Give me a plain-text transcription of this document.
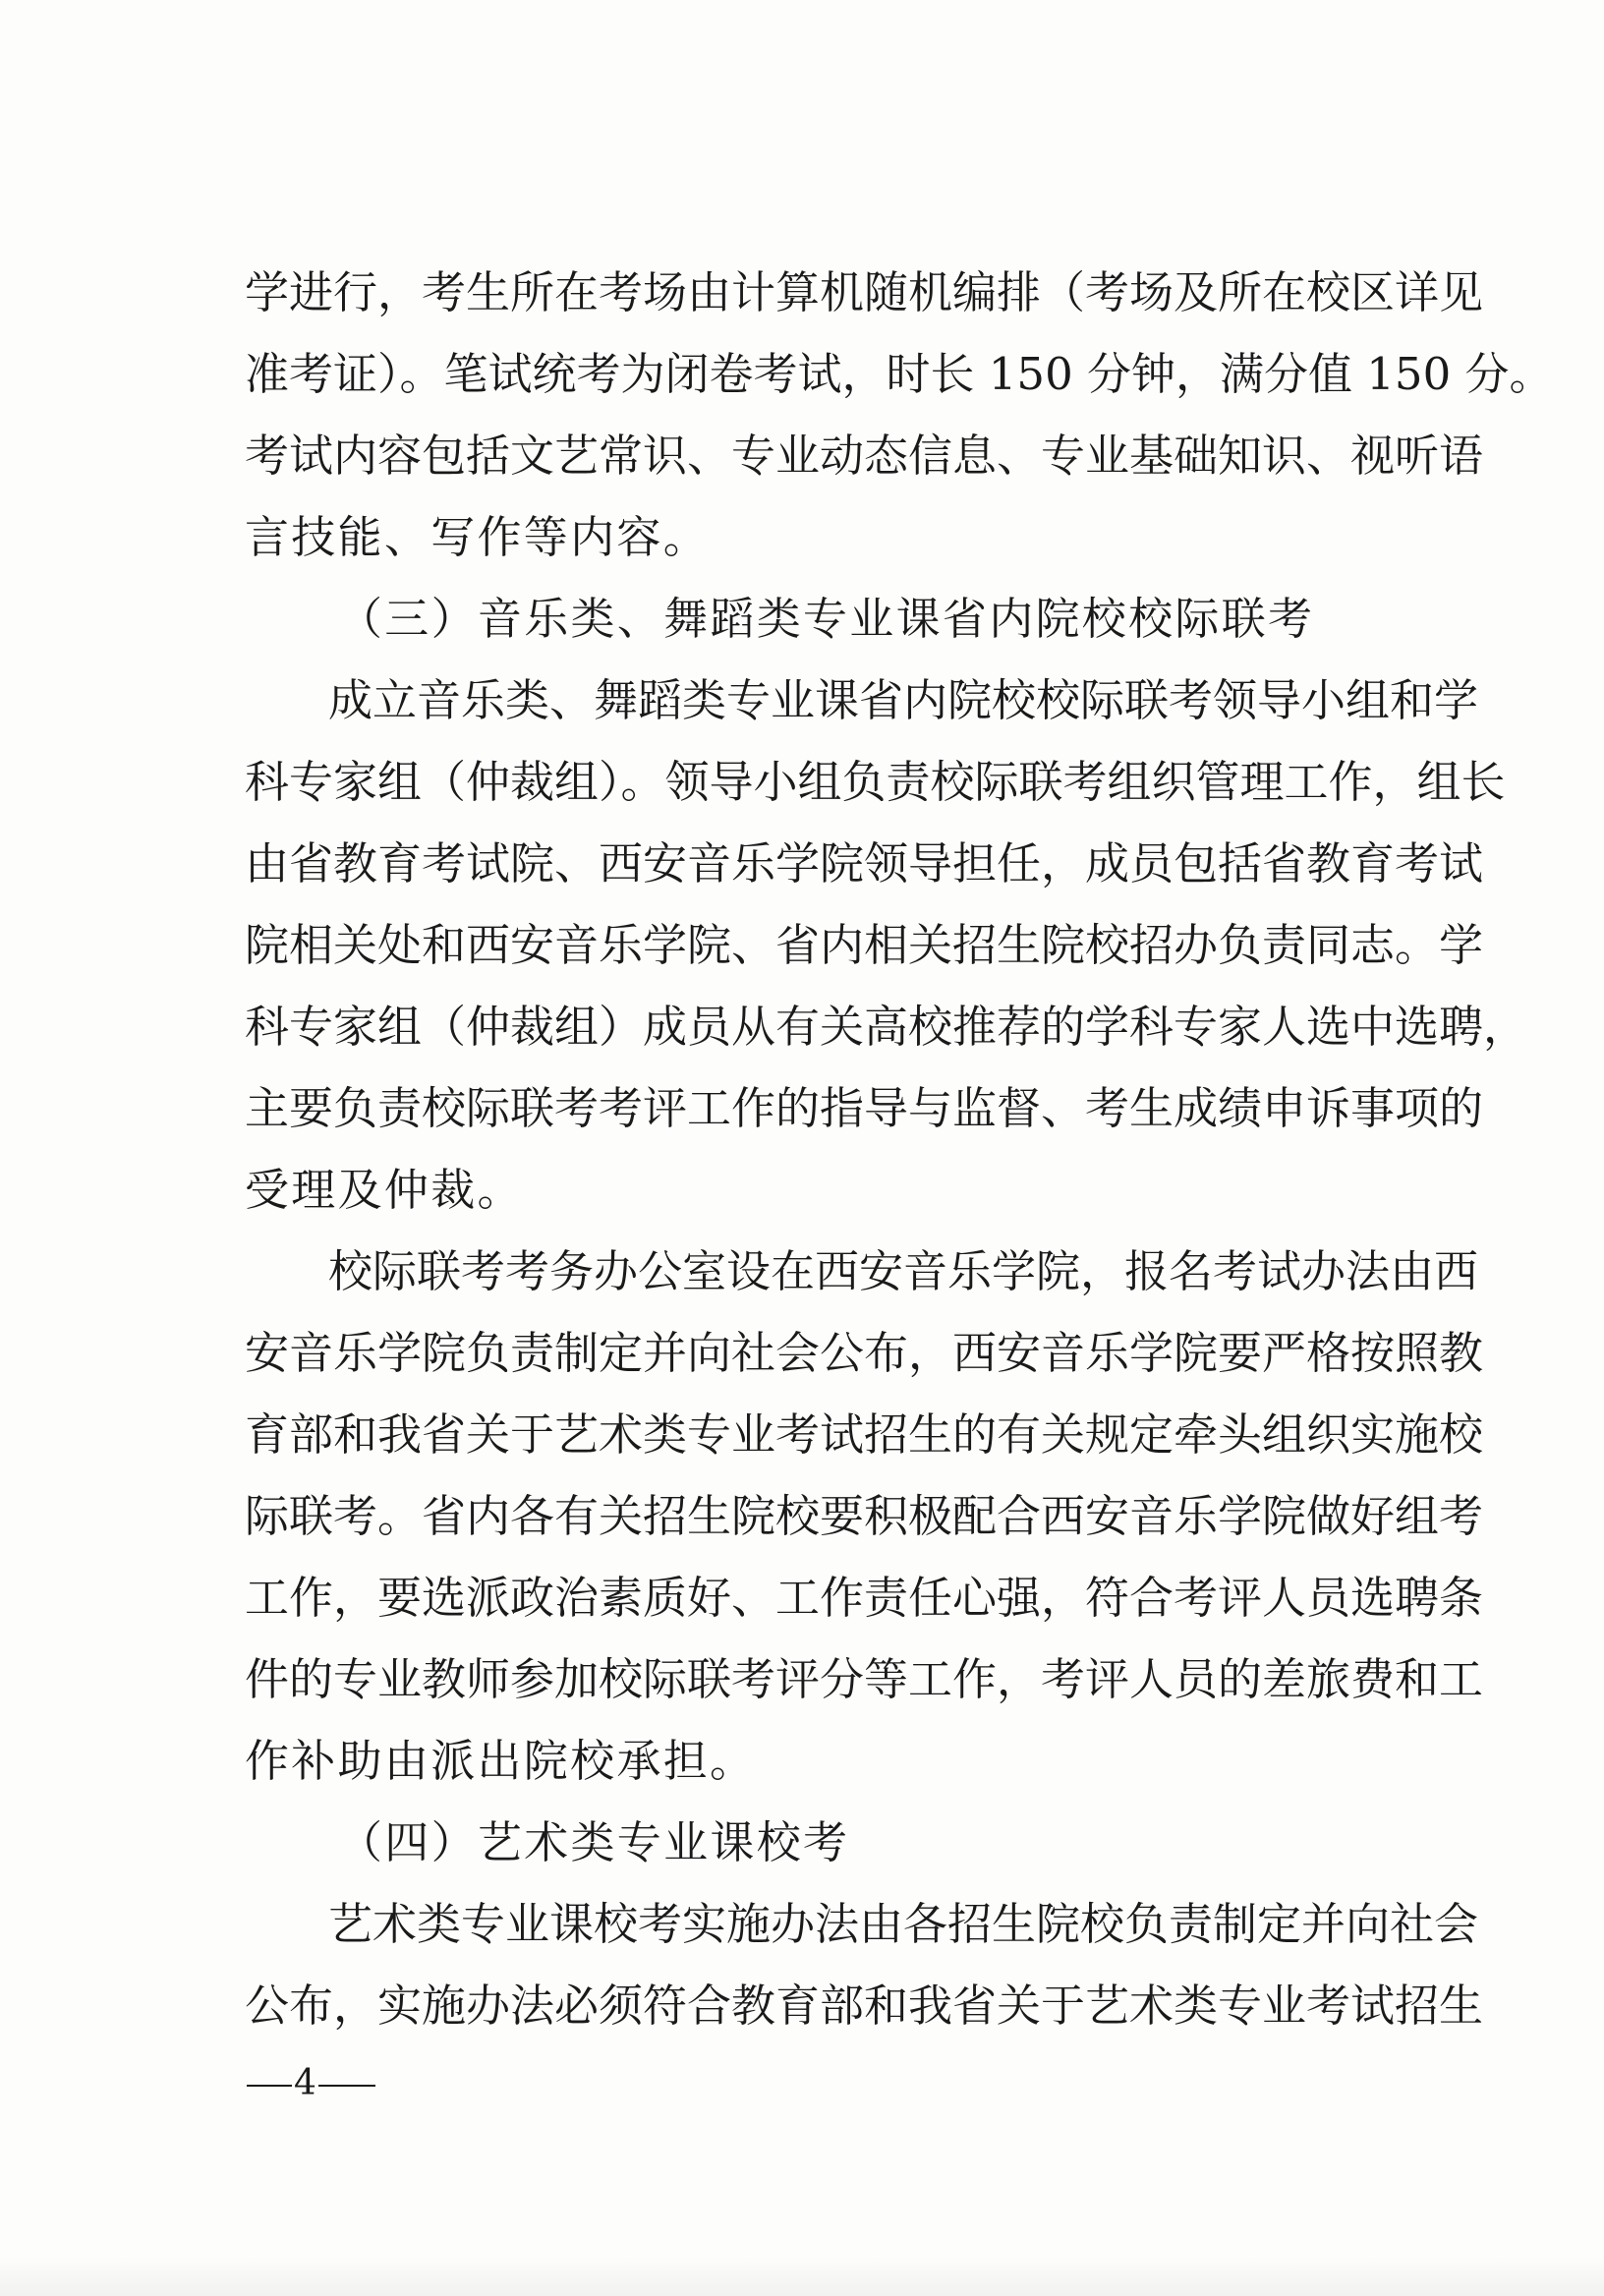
学进行，考生所在考场由计算机随机编排（考场及所在校区详见
准考证）。笔试统考为闭卷考试，时长 150 分钟，满分值 150 分。
考试内容包括文艺常识、专业动态信息、专业基础知识、视听语
言技能、写作等内容。
（三）音乐类、舞蹈类专业课省内院校校际联考
成立音乐类、舞蹈类专业课省内院校校际联考领导小组和学
科专家组（仲裁组）。领导小组负责校际联考组织管理工作，组长
由省教育考试院、西安音乐学院领导担任，成员包括省教育考试
院相关处和西安音乐学院、省内相关招生院校招办负责同志。学
科专家组（仲裁组）成员从有关高校推荐的学科专家人选中选聘，
主要负责校际联考考评工作的指导与监督、考生成绩申诉事项的
受理及仲裁。
校际联考考务办公室设在西安音乐学院，报名考试办法由西
安音乐学院负责制定并向社会公布，西安音乐学院要严格按照教
育部和我省关于艺术类专业考试招生的有关规定牵头组织实施校
际联考。省内各有关招生院校要积极配合西安音乐学院做好组考
工作，要选派政治素质好、工作责任心强，符合考评人员选聘条
件的专业教师参加校际联考评分等工作，考评人员的差旅费和工
作补助由派出院校承担。
（四）艺术类专业课校考
艺术类专业课校考实施办法由各招生院校负责制定并向社会
公布，实施办法必须符合教育部和我省关于艺术类专业考试招生
4
